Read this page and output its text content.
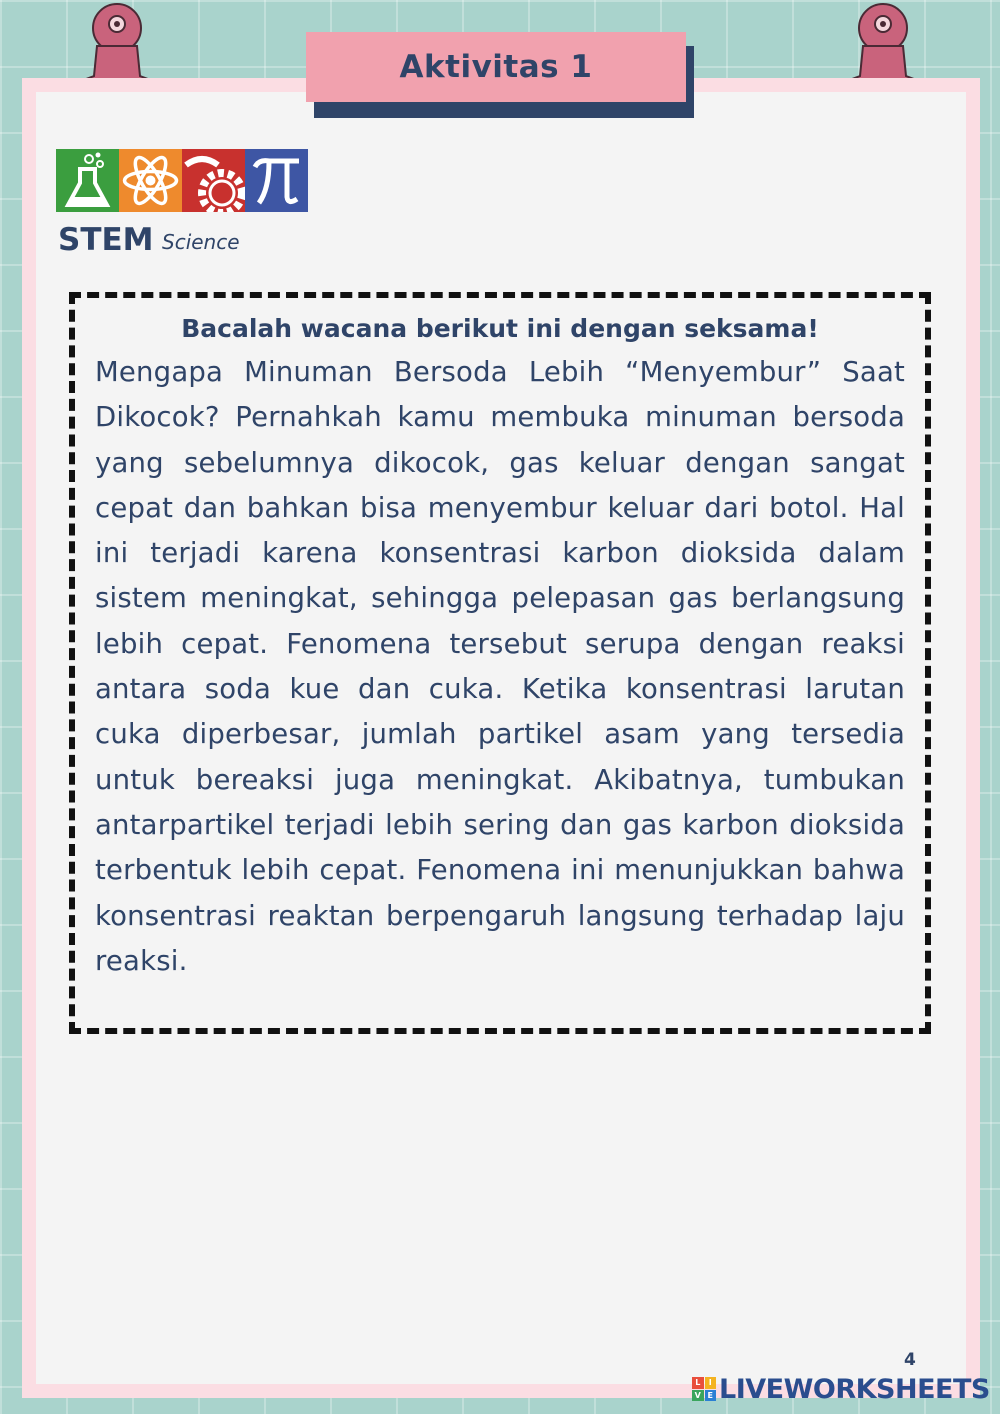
Aktivitas 1
STEM Science

Bacalah wacana berikut ini dengan seksama!

Mengapa Minuman Bersoda Lebih “Menyembur” Saat Dikocok? Pernahkah kamu membuka minuman bersoda yang sebelumnya dikocok, gas keluar dengan sangat cepat dan bahkan bisa menyembur keluar dari botol. Hal ini terjadi karena konsentrasi karbon dioksida dalam sistem meningkat, sehingga pelepasan gas berlangsung lebih cepat. Fenomena tersebut serupa dengan reaksi antara soda kue dan cuka. Ketika konsentrasi larutan cuka diperbesar, jumlah partikel asam yang tersedia untuk bereaksi juga meningkat. Akibatnya, tumbukan antarpartikel terjadi lebih sering dan gas karbon dioksida terbentuk lebih cepat. Fenomena ini menunjukkan bahwa konsentrasi reaktan berpengaruh langsung terhadap laju reaksi.

4
L	I
V E LIVEWORKSHEETS
